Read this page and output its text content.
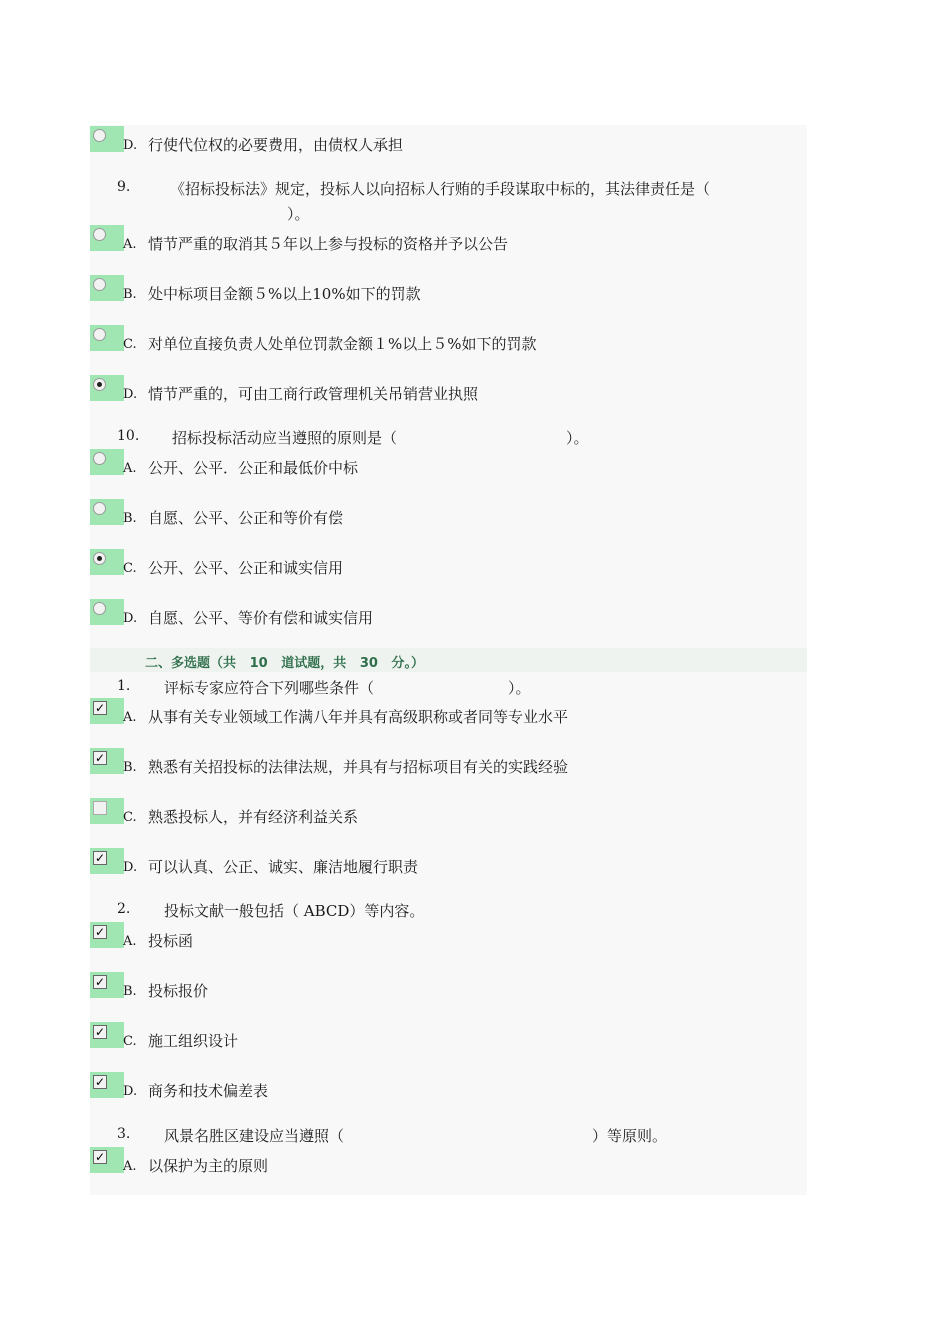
D. 行使代位权的必要费用，由债权人承担
9.	《招标投标法》规定，投标人以向招标人行贿的手段谋取中标的，其法律责任是（
）。
A. 情节严重的取消其５年以上参与投标的资格并予以公告
B. 处中标项目金额５%以上10%如下的罚款
C. 对单位直接负责人处单位罚款金额１%以上５%如下的罚款
D. 情节严重的，可由工商行政管理机关吊销营业执照
10. 招标投标活动应当遵照的原则是（	）。
A. 公开、公平．公正和最低价中标
B. 自愿、公平、公正和等价有偿
C. 公开、公平、公正和诚实信用
D. 自愿、公平、等价有偿和诚实信用
二、多选题（共   10   道试题，共   30   分。）
1. 评标专家应符合下列哪些条件（	）。
✓
A. 从事有关专业领域工作满八年并具有高级职称或者同等专业水平
✓
B. 熟悉有关招投标的法律法规，并具有与招标项目有关的实践经验
C. 熟悉投标人，并有经济利益关系
✓
D. 可以认真、公正、诚实、廉洁地履行职责
2. 投标文献一般包括（ ABCD）等内容。
✓
A. 投标函
✓
B. 投标报价
✓
C. 施工组织设计
✓
D. 商务和技术偏差表
3. 风景名胜区建设应当遵照（	）等原则。
✓
A. 以保护为主的原则
